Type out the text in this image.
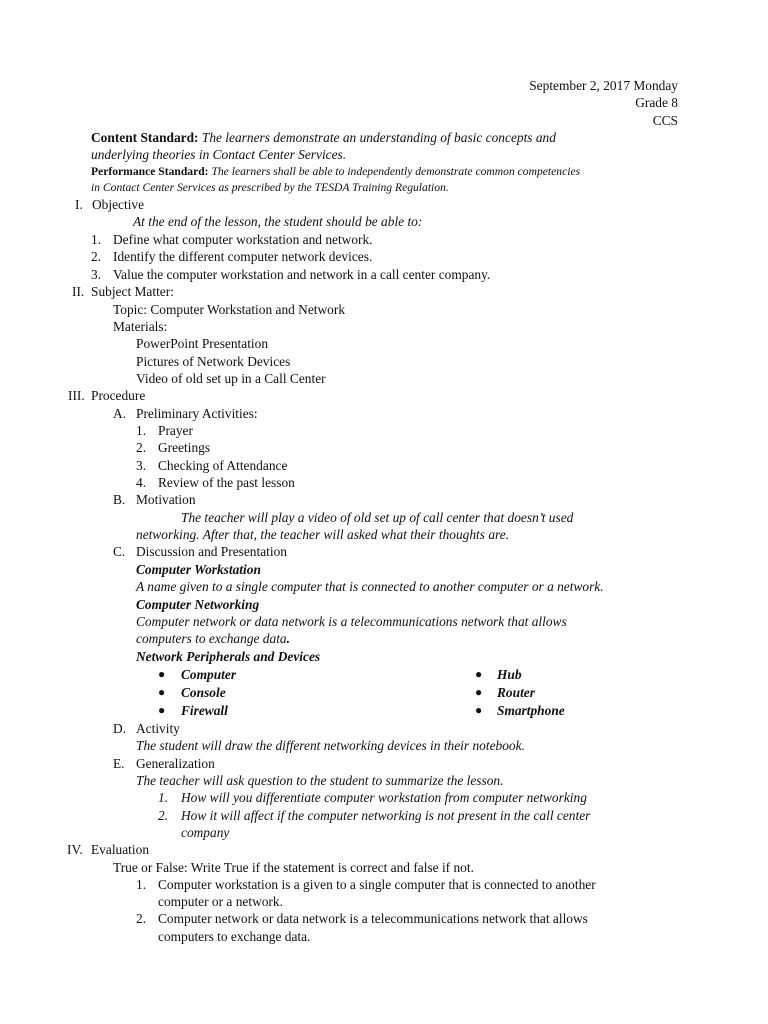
September 2, 2017 Monday
Grade 8
CCS
Content Standard: The learners demonstrate an understanding of basic concepts and
underlying theories in Contact Center Services.
Performance Standard: The learners shall be able to independently demonstrate common competencies
in Contact Center Services as prescribed by the TESDA Training Regulation.
I. Objective
At the end of the lesson, the student should be able to:
1. Define what computer workstation and network.
2. Identify the different computer network devices.
3. Value the computer workstation and network in a call center company.
II. Subject Matter:
Topic: Computer Workstation and Network
Materials:
PowerPoint Presentation
Pictures of Network Devices
Video of old set up in a Call Center
III. Procedure
A. Preliminary Activities:
1. Prayer
2. Greetings
3. Checking of Attendance
4. Review of the past lesson
B. Motivation
The teacher will play a video of old set up of call center that doesn’t used
networking. After that, the teacher will asked what their thoughts are.
C. Discussion and Presentation
Computer Workstation
A name given to a single computer that is connected to another computer or a network.
Computer Networking
Computer network or data network is a telecommunications network that allows
computers to exchange data.
Network Peripherals and Devices
● Computer
● Console
● Firewall
● Hub
● Router
● Smartphone
D. Activity
The student will draw the different networking devices in their notebook.
E. Generalization
The teacher will ask question to the student to summarize the lesson.
1. How will you differentiate computer workstation from computer networking
2. How it will affect if the computer networking is not present in the call center
company
IV. Evaluation
True or False: Write True if the statement is correct and false if not.
1. Computer workstation is a given to a single computer that is connected to another
computer or a network.
2. Computer network or data network is a telecommunications network that allows
computers to exchange data.
